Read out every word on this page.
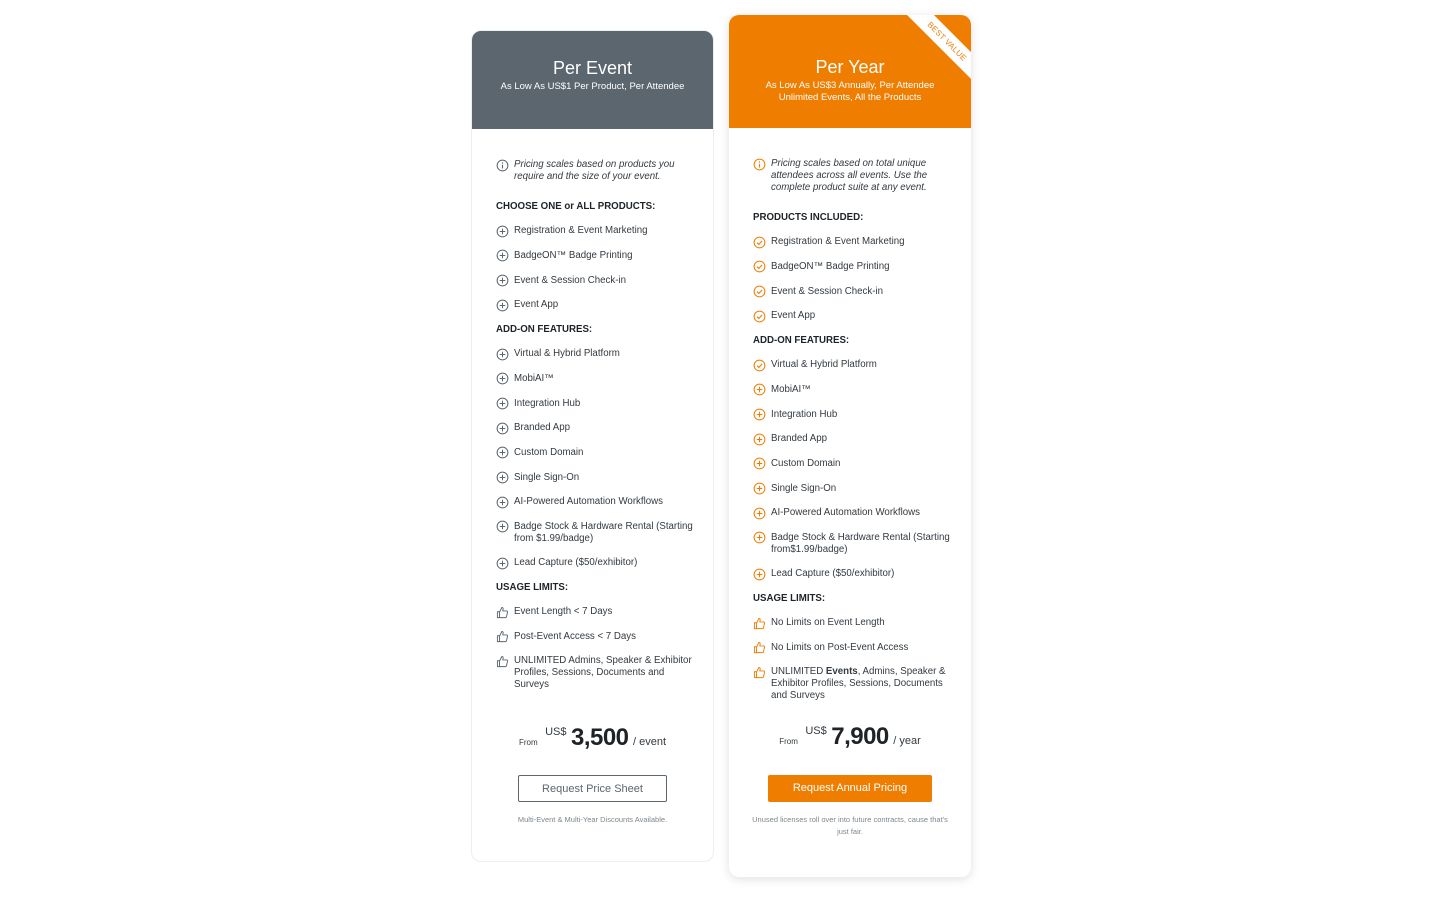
Per Event
As Low As US$1 Per Product, Per Attendee
Pricing scales based on products you require and the size of your event.
CHOOSE ONE or ALL PRODUCTS:
Registration & Event Marketing
BadgeON™ Badge Printing
Event & Session Check-in
Event App
ADD-ON FEATURES:
Virtual & Hybrid Platform
MobiAI™
Integration Hub
Branded App
Custom Domain
Single Sign-On
AI-Powered Automation Workflows
Badge Stock & Hardware Rental (Starting from $1.99/badge)
Lead Capture ($50/exhibitor)
USAGE LIMITS:
Event Length < 7 Days
Post-Event Access < 7 Days
UNLIMITED Admins, Speaker & Exhibitor Profiles, Sessions, Documents and Surveys
From $^{US\$}$ 3,500 / event
Request Price Sheet
Multi-Event & Multi-Year Discounts Available.
Per Year
As Low As US$3 Annually, Per Attendee
Unlimited Events, All the Products
BEST VALUE
Pricing scales based on total unique attendees across all events. Use the complete product suite at any event.
PRODUCTS INCLUDED:
Registration & Event Marketing
BadgeON™ Badge Printing
Event & Session Check-in
Event App
ADD-ON FEATURES:
Virtual & Hybrid Platform
MobiAI™
Integration Hub
Branded App
Custom Domain
Single Sign-On
AI-Powered Automation Workflows
Badge Stock & Hardware Rental (Starting from$1.99/badge)
Lead Capture ($50/exhibitor)
USAGE LIMITS:
No Limits on Event Length
No Limits on Post-Event Access
UNLIMITED Events, Admins, Speaker & Exhibitor Profiles, Sessions, Documents and Surveys
From $^{US\$}$ 7,900 / year
Request Annual Pricing
Unused licenses roll over into future contracts, cause that's just fair.
